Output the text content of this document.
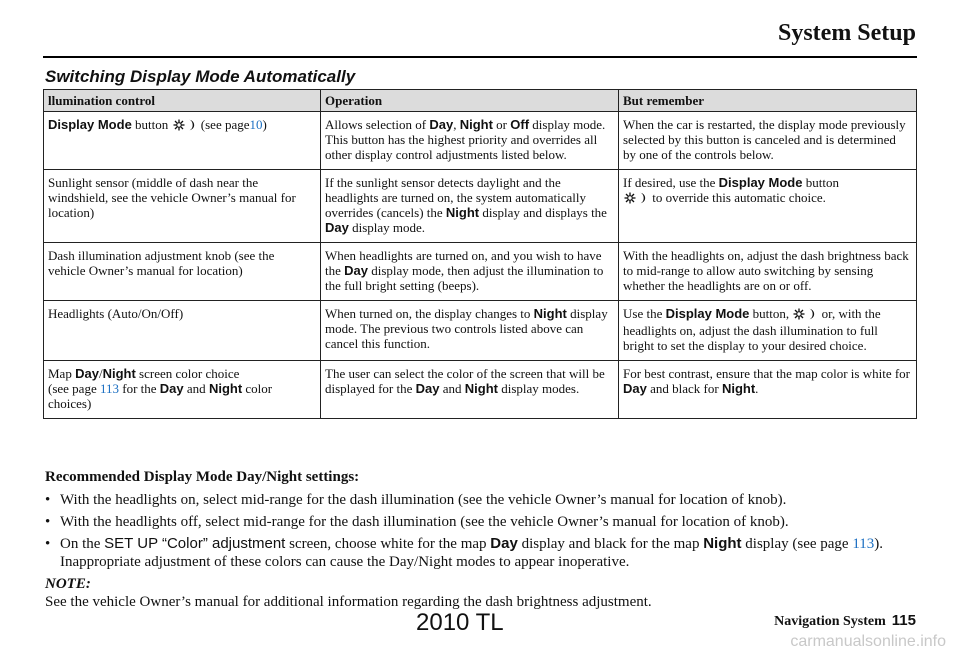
System Setup
Switching Display Mode Automatically
llumination control	Operation	But remember
Display Mode button (see page10)	Allows selection of Day, Night or Off display mode. This button has the highest priority and overrides all other display control adjustments listed below.	When the car is restarted, the display mode previously selected by this button is canceled and is determined by one of the controls below.
Sunlight sensor (middle of dash near the windshield, see the vehicle Owner’s manual for location)	If the sunlight sensor detects daylight and the headlights are turned on, the system automatically overrides (cancels) the Night display and displays the Day display mode.	If desired, use the Display Mode button
to override this automatic choice.
Dash illumination adjustment knob (see the vehicle Owner’s manual for location)	When headlights are turned on, and you wish to have the Day display mode, then adjust the illumination to the full bright setting (beeps).	With the headlights on, adjust the dash brightness back to mid-range to allow auto switching by sensing whether the headlights are on or off.
Headlights (Auto/On/Off)	When turned on, the display changes to Night display mode. The previous two controls listed above can cancel this function.	Use the Display Mode button, or, with the headlights on, adjust the dash illumination to full bright to set the display to your desired choice.
Map Day/Night screen color choice
(see page 113 for the Day and Night color choices)	The user can select the color of the screen that will be displayed for the Day and Night display modes.	For best contrast, ensure that the map color is white for Day and black for Night.
Recommended Display Mode Day/Night settings:
• With the headlights on, select mid-range for the dash illumination (see the vehicle Owner’s manual for location of knob).
• With the headlights off, select mid-range for the dash illumination (see the vehicle Owner’s manual for location of knob).
• On the SET UP “Color” adjustment screen, choose white for the map Day display and black for the map Night display (see page 113). Inappropriate adjustment of these colors can cause the Day/Night modes to appear inoperative.
NOTE:
See the vehicle Owner’s manual for additional information regarding the dash brightness adjustment.
2010 TL	Navigation System 115
carmanualsonline.info
